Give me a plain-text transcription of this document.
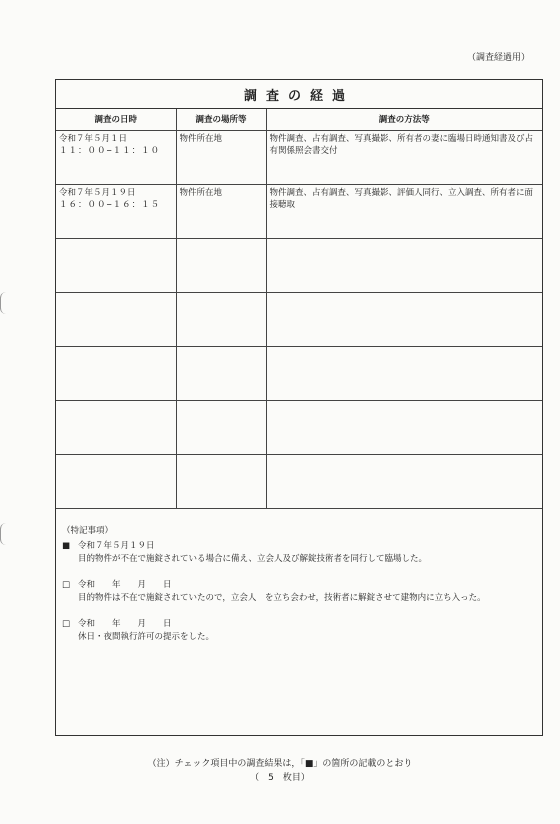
（調査経過用）
調査の経過
調査の日時	調査の場所等	調査の方法等

令和７年５月１日
１１：００−１１：１０	物件所在地	物件調査、占有調査、写真撮影、所有者の妻に臨場日時通知書及び占有関係照会書交付

令和７年５月１９日
１６：００−１６：１５	物件所在地	物件調査、占有調査、写真撮影、評価人同行、立入調査、所有者に面接聴取

（特記事項）
■ 令和７年５月１９日
目的物件が不在で施錠されている場合に備え、立会人及び解錠技術者を同行して臨場した。
□ 令和　　年　　月　　日
目的物件は不在で施錠されていたので，立会人　を立ち会わせ，技術者に解錠させて建物内に立ち入った。
□ 令和　　年　　月　　日
休日・夜間執行許可の提示をした。
（注）チェック項目中の調査結果は，「■」の箇所の記載のとおり
（　5　枚目）
